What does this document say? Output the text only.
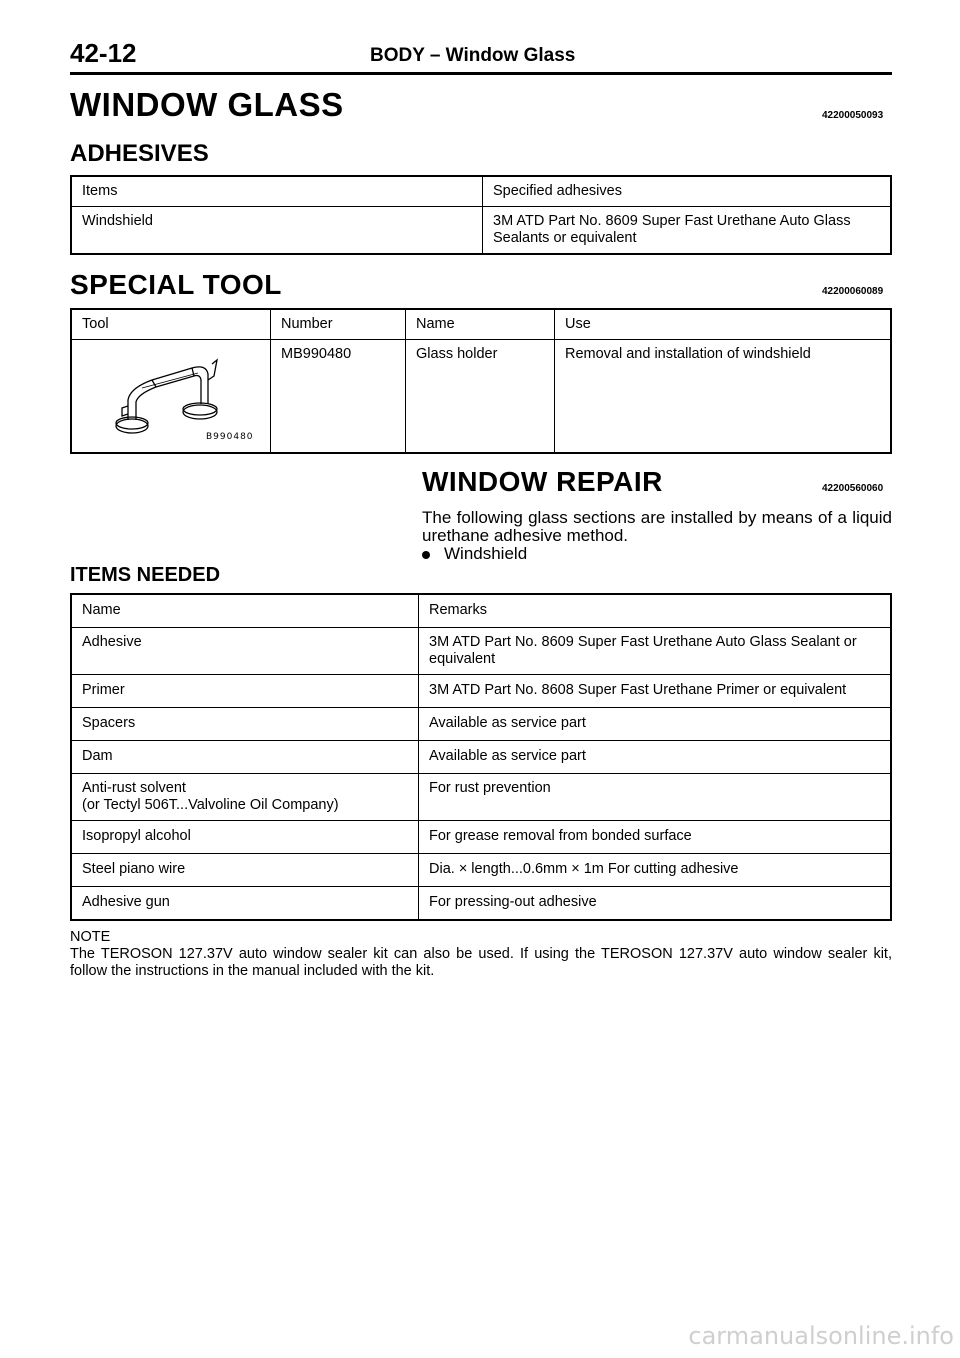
42-12	BODY – Window Glass
WINDOW GLASS	42200050093
ADHESIVES
Items	Specified adhesives
Windshield	3M ATD Part No. 8609 Super Fast Urethane Auto Glass Sealants or equivalent
SPECIAL TOOL	42200060089
Tool	Number	Name	Use

B990480	MB990480	Glass holder	Removal and installation of windshield
WINDOW REPAIR	42200560060
The following glass sections are installed by means of a liquid urethane adhesive method.
Windshield
ITEMS NEEDED
Name	Remarks
Adhesive	3M ATD Part No. 8609 Super Fast Urethane Auto Glass Sealant or equivalent
Primer	3M ATD Part No. 8608 Super Fast Urethane Primer or equivalent
Spacers	Available as service part
Dam	Available as service part

Anti-rust solvent
(or Tectyl 506T...Valvoline Oil Company)	For rust prevention
Isopropyl alcohol	For grease removal from bonded surface
Steel piano wire	Dia. × length...0.6mm × 1m For cutting adhesive
Adhesive gun	For pressing-out adhesive
NOTE
The TEROSON 127.37V auto window sealer kit can also be used. If using the TEROSON 127.37V auto window sealer kit, follow the instructions in the manual included with the kit.
carmanualsonline.info
